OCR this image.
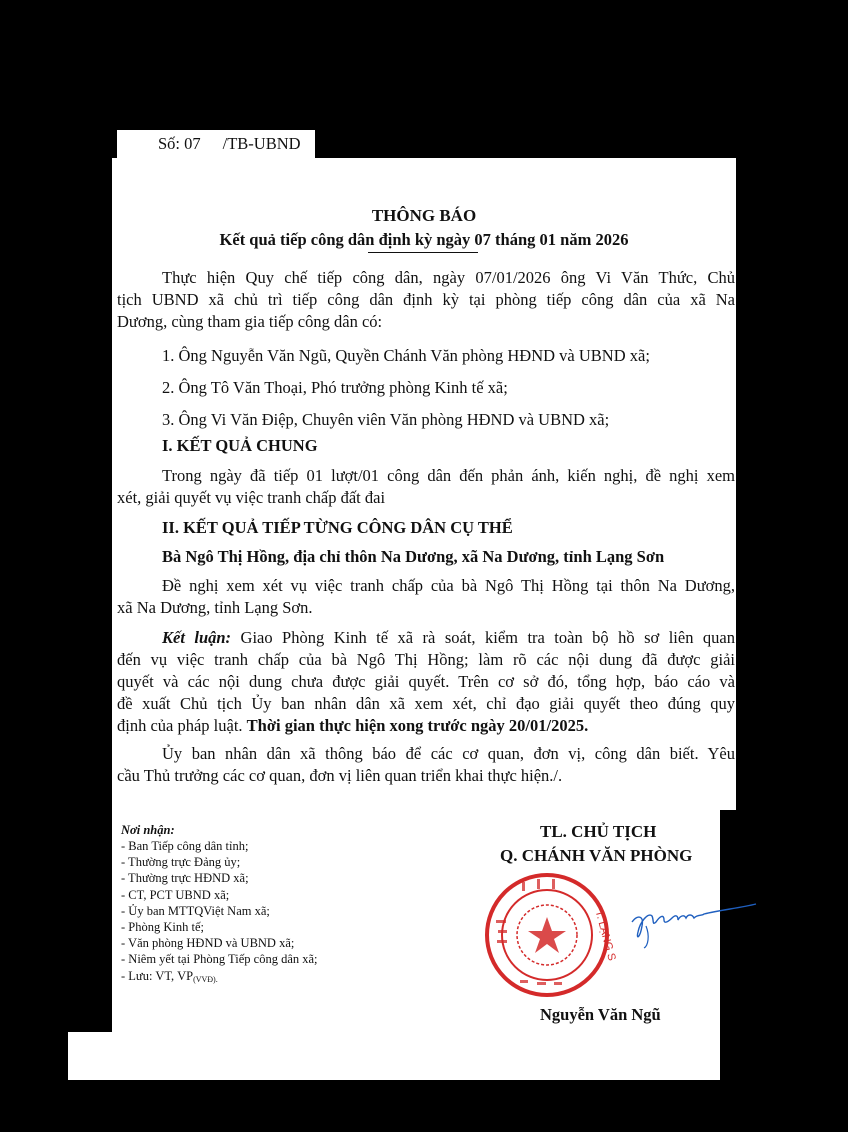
Số: 07 /TB-UBND
THÔNG BÁO
Kết quả tiếp công dân định kỳ ngày 07 tháng 01 năm 2026
Thực hiện Quy chế tiếp công dân, ngày 07/01/2026 ông Vi Văn Thức, Chủ
tịch UBND xã chủ trì tiếp công dân định kỳ tại phòng tiếp công dân của xã Na
Dương, cùng tham gia tiếp công dân có:
1. Ông Nguyễn Văn Ngũ, Quyền Chánh Văn phòng HĐND và UBND xã;
2. Ông Tô Văn Thoại, Phó trưởng phòng Kinh tế xã;
3. Ông Vi Văn Điệp, Chuyên viên Văn phòng HĐND và UBND xã;
I. KẾT QUẢ CHUNG
Trong ngày đã tiếp 01 lượt/01 công dân đến phản ánh, kiến nghị, đề nghị xem
xét, giải quyết vụ việc tranh chấp đất đai
II. KẾT QUẢ TIẾP TỪNG CÔNG DÂN CỤ THỂ
Bà Ngô Thị Hồng, địa chỉ thôn Na Dương, xã Na Dương, tỉnh Lạng Sơn
Đề nghị xem xét vụ việc tranh chấp của bà Ngô Thị Hồng tại thôn Na Dương,
xã Na Dương, tỉnh Lạng Sơn.
Kết luận: Giao Phòng Kinh tế xã rà soát, kiểm tra toàn bộ hồ sơ liên quan
đến vụ việc tranh chấp của bà Ngô Thị Hồng; làm rõ các nội dung đã được giải
quyết và các nội dung chưa được giải quyết. Trên cơ sở đó, tổng hợp, báo cáo và
đề xuất Chủ tịch Ủy ban nhân dân xã xem xét, chỉ đạo giải quyết theo đúng quy
định của pháp luật. Thời gian thực hiện xong trước ngày 20/01/2025.
Ủy ban nhân dân xã thông báo để các cơ quan, đơn vị, công dân biết. Yêu
cầu Thủ trưởng các cơ quan, đơn vị liên quan triển khai thực hiện./.
Nơi nhận:
- Ban Tiếp công dân tỉnh;
- Thường trực Đảng ủy;
- Thường trực HĐND xã;
- CT, PCT UBND xã;
- Ủy ban MTTQViệt Nam xã;
- Phòng Kinh tế;
- Văn phòng HĐND và UBND xã;
- Niêm yết tại Phòng Tiếp công dân xã;
- Lưu: VT, VP(VVĐ).
TL. CHỦ TỊCH
Q. CHÁNH VĂN PHÒNG
T. LẠNG S
Nguyễn Văn Ngũ
